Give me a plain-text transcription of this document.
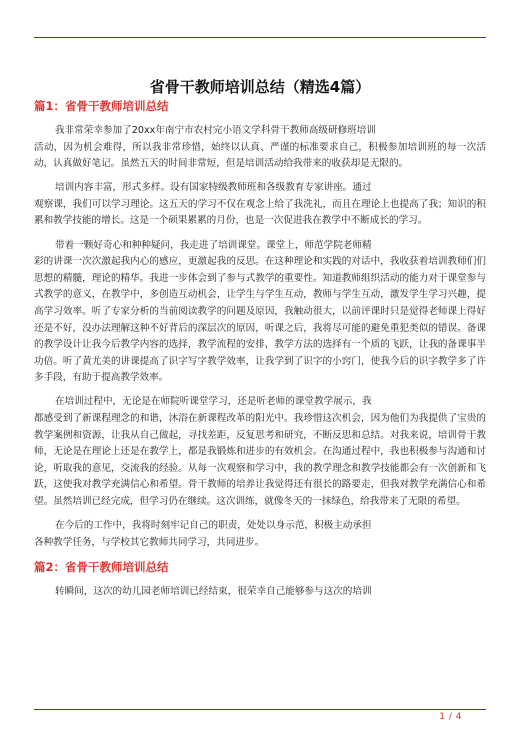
省骨干教师培训总结（精选4篇）
篇1：省骨干教师培训总结

我非常荣幸参加了20xx年南宁市农村完小语文学科骨干教师高级研修班培训
活动，因为机会难得，所以我非常珍惜，始终以认真、严谨的标准要求自己，积极参加培训班的每一次活动，认真做好笔记。虽然五天的时间非常短，但是培训活动给我带来的收获却是无限的。

培训内容丰富，形式多样。设有国家特级教师班和各级教育专家讲座。通过
观察课，我们可以学习理论。这五天的学习不仅在观念上给了我洗礼，而且在理论上也提高了我；知识的积累和教学技能的增长。这是一个硕果累累的月份，也是一次促进我在教学中不断成长的学习。

带着一颗好奇心和种种疑问，我走进了培训课堂。课堂上，师范学院老师精
彩的讲课一次次激起我内心的感应，更激起我的反思。在这种理论和实践的对话中，我收获着培训教师们们思想的精髓，理论的精华。我进一步体会到了参与式教学的重要性。知道教师组织活动的能力对于课堂参与式教学的意义，在教学中，多创造互动机会，让学生与学生互动，教师与学生互动，激发学生学习兴趣，提高学习效率。听了专家分析的当前阅读教学的问题及原因，我触动很大，以前评课时只是觉得老师课上得好还是不好，没办法理解这种不好背后的深层次的原因，听课之后，我将尽可能的避免重犯类似的错误。备课的教学设计让我今后教学内容的选择，教学流程的安排，教学方法的选择有一个质的飞跃，让我的备课事半功倍。听了黄尤美的讲课提高了识字写字教学效率，让我学到了识字的小窍门，使我今后的识字教学多了许多手段，有助于提高教学效率。

在培训过程中，无论是在师院听课堂学习，还是听老师的课堂教学展示，我
都感受到了新课程理念的和谐，沐浴在新课程改革的阳光中。我珍惜这次机会，因为他们为我提供了宝贵的教学案例和资源，让我从自己做起，寻找差距，反复思考和研究，不断反思和总结。对我来说，培训骨干教师，无论是在理论上还是在教学上，都是我锻炼和进步的有效机会。在沟通过程中，我也积极参与沟通和讨论，听取我的意见，交流我的经验。从每一次观察和学习中，我的教学理念和教学技能都会有一次创新和飞跃，这使我对教学充满信心和希望。骨干教师的培养让我觉得还有很长的路要走，但我对教学充满信心和希望。虽然培训已经完成，但学习仍在继续。这次训练，就像冬天的一抹绿色，给我带来了无限的希望。

在今后的工作中，我将时刻牢记自己的职责，处处以身示范，积极主动承担
各种教学任务，与学校其它教师共同学习，共同进步。

篇2：省骨干教师培训总结

转瞬间，这次的幼儿园老师培训已经结束，很荣幸自己能够参与这次的培训

1 / 4
